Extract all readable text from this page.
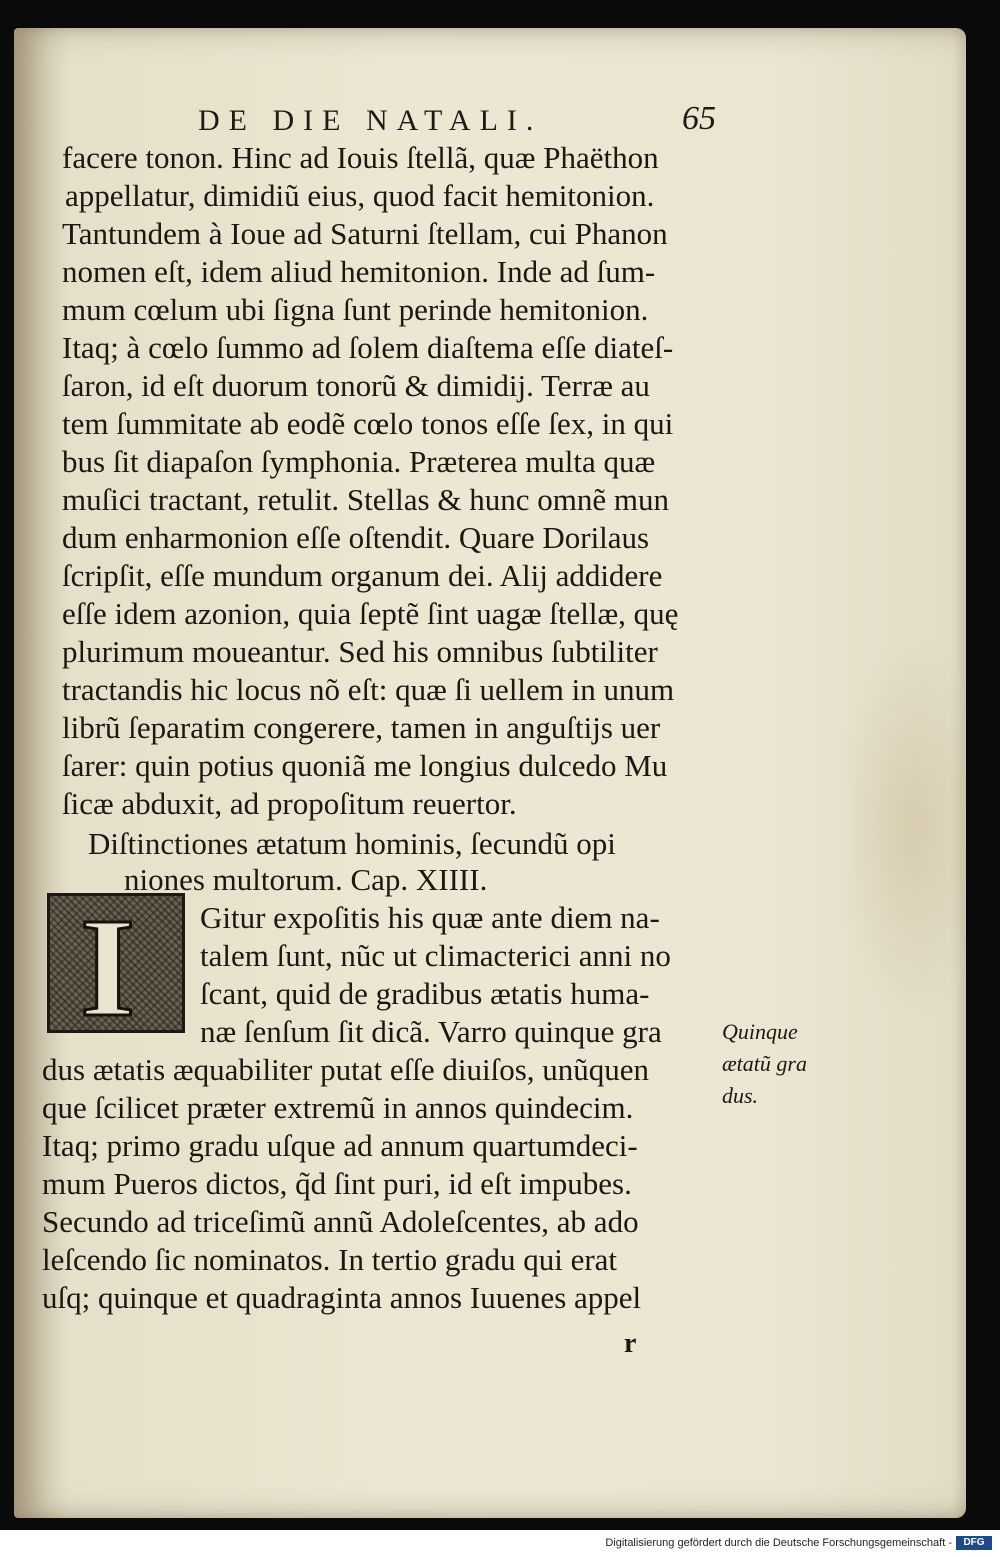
DE DIE NATALI.	65
I
facere tonon. Hinc ad Iouis ſtellã, quæ Phaëthon
appellatur, dimidiũ eius, quod facit hemitonion.
Tantundem à Ioue ad Saturni ſtellam, cui Phanon
nomen eſt, idem aliud hemitonion. Inde ad ſum-
mum cœlum ubi ſigna ſunt perinde hemitonion.
Itaq; à cœlo ſummo ad ſolem diaſtema eſſe diateſ-
ſaron, id eſt duorum tonorũ & dimidij. Terræ au
tem ſummitate ab eodẽ cœlo tonos eſſe ſex, in qui
bus ſit diapaſon ſymphonia. Præterea multa quæ
muſici tractant, retulit. Stellas & hunc omnẽ mun
dum enharmonion eſſe oſtendit. Quare Dorilaus
ſcripſit, eſſe mundum organum dei. Alij addidere
eſſe idem azonion, quia ſeptẽ ſint uagæ ſtellæ, quę
plurimum moueantur. Sed his omnibus ſubtiliter
tractandis hic locus nõ eſt: quæ ſi uellem in unum
librũ ſeparatim congerere, tamen in anguſtijs uer
ſarer: quin potius quoniã me longius dulcedo Mu
ſicæ abduxit, ad propoſitum reuertor.
Diſtinctiones ætatum hominis, ſecundũ opi
niones multorum. Cap. XIIII.
Gitur expoſitis his quæ ante diem na-
talem ſunt, nũc ut climacterici anni no
ſcant, quid de gradibus ætatis huma-
næ ſenſum ſit dicã. Varro quinque gra
dus ætatis æquabiliter putat eſſe diuiſos, unũquen
que ſcilicet præter extremũ in annos quindecim.
Itaq; primo gradu uſque ad annum quartumdeci-
mum Pueros dictos, q̃d ſint puri, id eſt impubes.
Secundo ad triceſimũ annũ Adoleſcentes, ab ado
leſcendo ſic nominatos. In tertio gradu qui erat
uſq; quinque et quadraginta annos Iuuenes appel
Quinque
ætatũ gra
dus.
r
Digitalisierung gefördert durch die Deutsche Forschungsgemeinschaft -	DFG
